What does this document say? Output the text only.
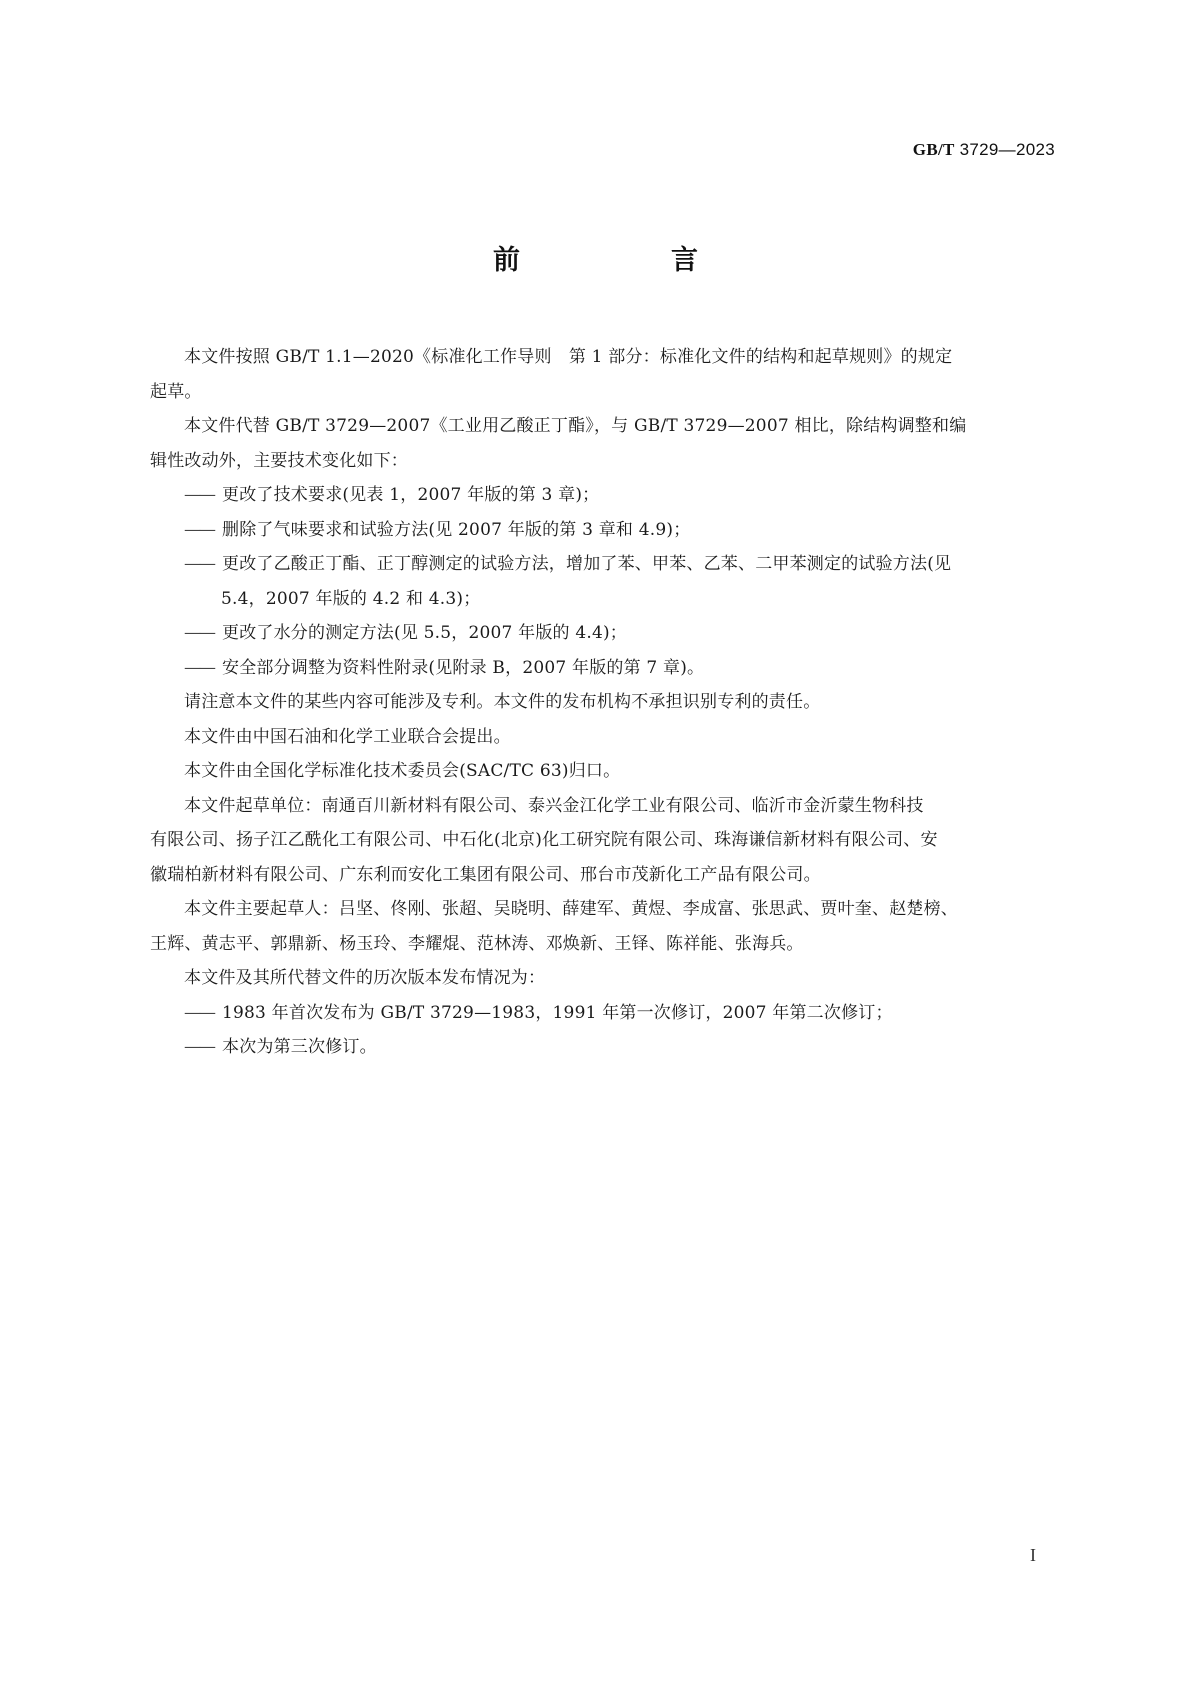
GB/T 3729—2023
前　言
本文件按照 GB/T 1.1—2020《标准化工作导则　第 1 部分：标准化文件的结构和起草规则》的规定
起草。
本文件代替 GB/T 3729—2007《工业用乙酸正丁酯》，与 GB/T 3729—2007 相比，除结构调整和编
辑性改动外，主要技术变化如下：
—— 更改了技术要求(见表 1，2007 年版的第 3 章)；
—— 删除了气味要求和试验方法(见 2007 年版的第 3 章和 4.9)；
—— 更改了乙酸正丁酯、正丁醇测定的试验方法，增加了苯、甲苯、乙苯、二甲苯测定的试验方法(见
5.4，2007 年版的 4.2 和 4.3)；
—— 更改了水分的测定方法(见 5.5，2007 年版的 4.4)；
—— 安全部分调整为资料性附录(见附录 B，2007 年版的第 7 章)。
请注意本文件的某些内容可能涉及专利。本文件的发布机构不承担识别专利的责任。
本文件由中国石油和化学工业联合会提出。
本文件由全国化学标准化技术委员会(SAC/TC 63)归口。
本文件起草单位：南通百川新材料有限公司、泰兴金江化学工业有限公司、临沂市金沂蒙生物科技
有限公司、扬子江乙酰化工有限公司、中石化(北京)化工研究院有限公司、珠海谦信新材料有限公司、安
徽瑞柏新材料有限公司、广东利而安化工集团有限公司、邢台市茂新化工产品有限公司。
本文件主要起草人：吕坚、佟刚、张超、吴晓明、薛建军、黄煜、李成富、张思武、贾叶奎、赵楚榜、
王辉、黄志平、郭鼎新、杨玉玲、李耀焜、范林涛、邓焕新、王铎、陈祥能、张海兵。
本文件及其所代替文件的历次版本发布情况为：
—— 1983 年首次发布为 GB/T 3729—1983，1991 年第一次修订，2007 年第二次修订；
—— 本次为第三次修订。
I
